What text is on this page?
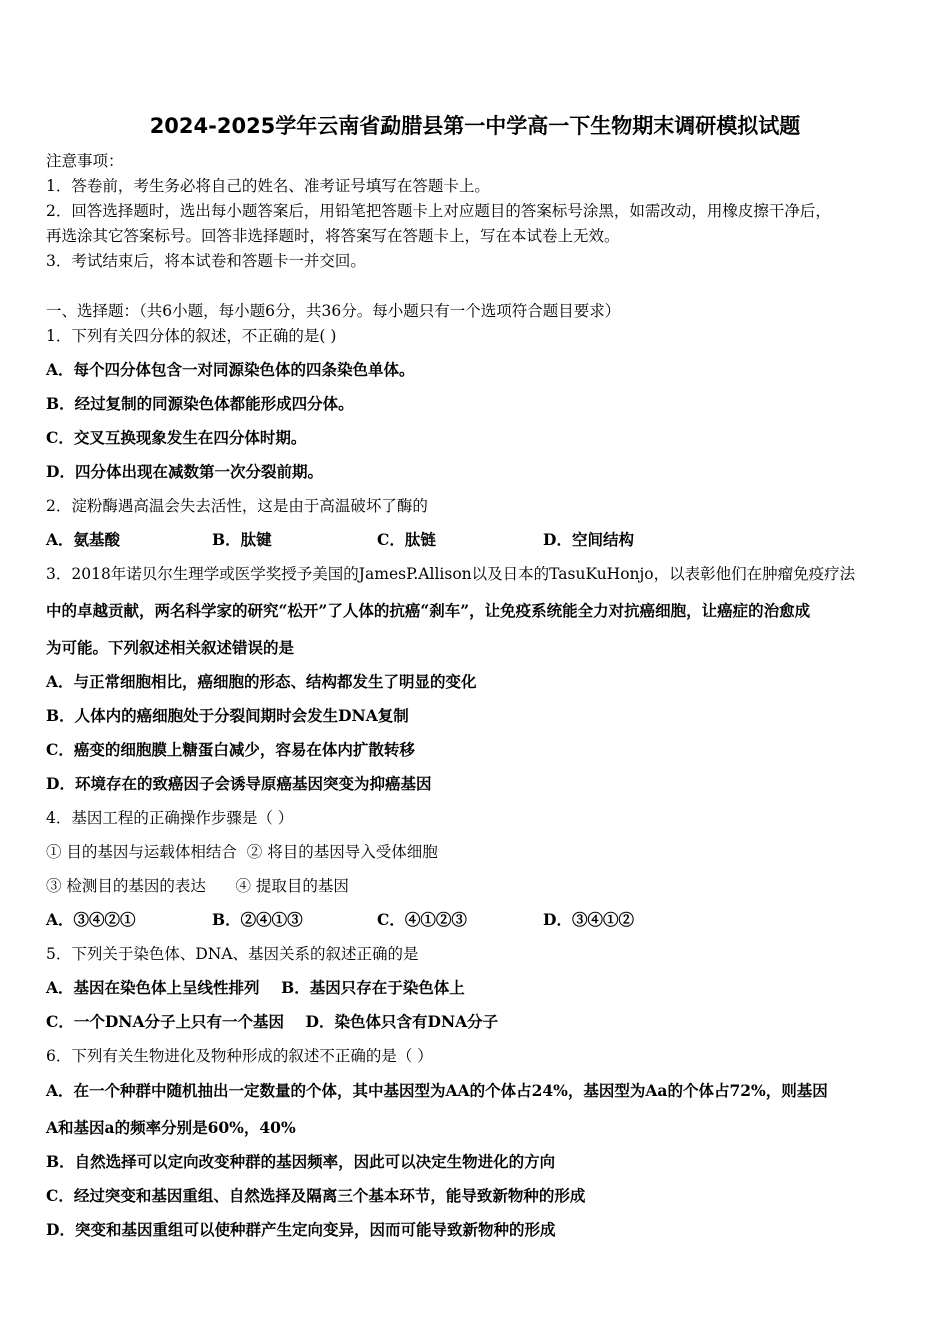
2024-2025学年云南省勐腊县第一中学高一下生物期末调研模拟试题
注意事项：
1．答卷前，考生务必将自己的姓名、准考证号填写在答题卡上。
2．回答选择题时，选出每小题答案后，用铅笔把答题卡上对应题目的答案标号涂黑，如需改动，用橡皮擦干净后，
再选涂其它答案标号。回答非选择题时，将答案写在答题卡上，写在本试卷上无效。
3．考试结束后，将本试卷和答题卡一并交回。
一、选择题：（共6小题，每小题6分，共36分。每小题只有一个选项符合题目要求）
1．下列有关四分体的叙述，不正确的是( )
A．每个四分体包含一对同源染色体的四条染色单体。
B．经过复制的同源染色体都能形成四分体。
C．交叉互换现象发生在四分体时期。
D．四分体出现在减数第一次分裂前期。
2．淀粉酶遇高温会失去活性，这是由于高温破坏了酶的
A．氨基酸	B．肽键	C．肽链	D．空间结构
3．2018年诺贝尔生理学或医学奖授予美国的JamesP.Allison以及日本的TasuKuHonjo，以表彰他们在肿瘤免疫疗法
中的卓越贡献，两名科学家的研究“松开”了人体的抗癌“刹车”，让免疫系统能全力对抗癌细胞，让癌症的治愈成
为可能。下列叙述相关叙述错误的是
A．与正常细胞相比，癌细胞的形态、结构都发生了明显的变化
B．人体内的癌细胞处于分裂间期时会发生DNA复制
C．癌变的细胞膜上糖蛋白减少，容易在体内扩散转移
D．环境存在的致癌因子会诱导原癌基因突变为抑癌基因
4．基因工程的正确操作步骤是（ ）
① 目的基因与运载体相结合  ② 将目的基因导入受体细胞
③ 检测目的基因的表达      ④ 提取目的基因
A．③④②①	B．②④①③	C．④①②③	D．③④①②
5．下列关于染色体、DNA、基因关系的叙述正确的是
A．基因在染色体上呈线性排列    B．基因只存在于染色体上
C．一个DNA分子上只有一个基因    D．染色体只含有DNA分子
6．下列有关生物进化及物种形成的叙述不正确的是（ ）
A．在一个种群中随机抽出一定数量的个体，其中基因型为AA的个体占24%，基因型为Aa的个体占72%，则基因
A和基因a的频率分别是60%，40%
B．自然选择可以定向改变种群的基因频率，因此可以决定生物进化的方向
C．经过突变和基因重组、自然选择及隔离三个基本环节，能导致新物种的形成
D．突变和基因重组可以使种群产生定向变异，因而可能导致新物种的形成
